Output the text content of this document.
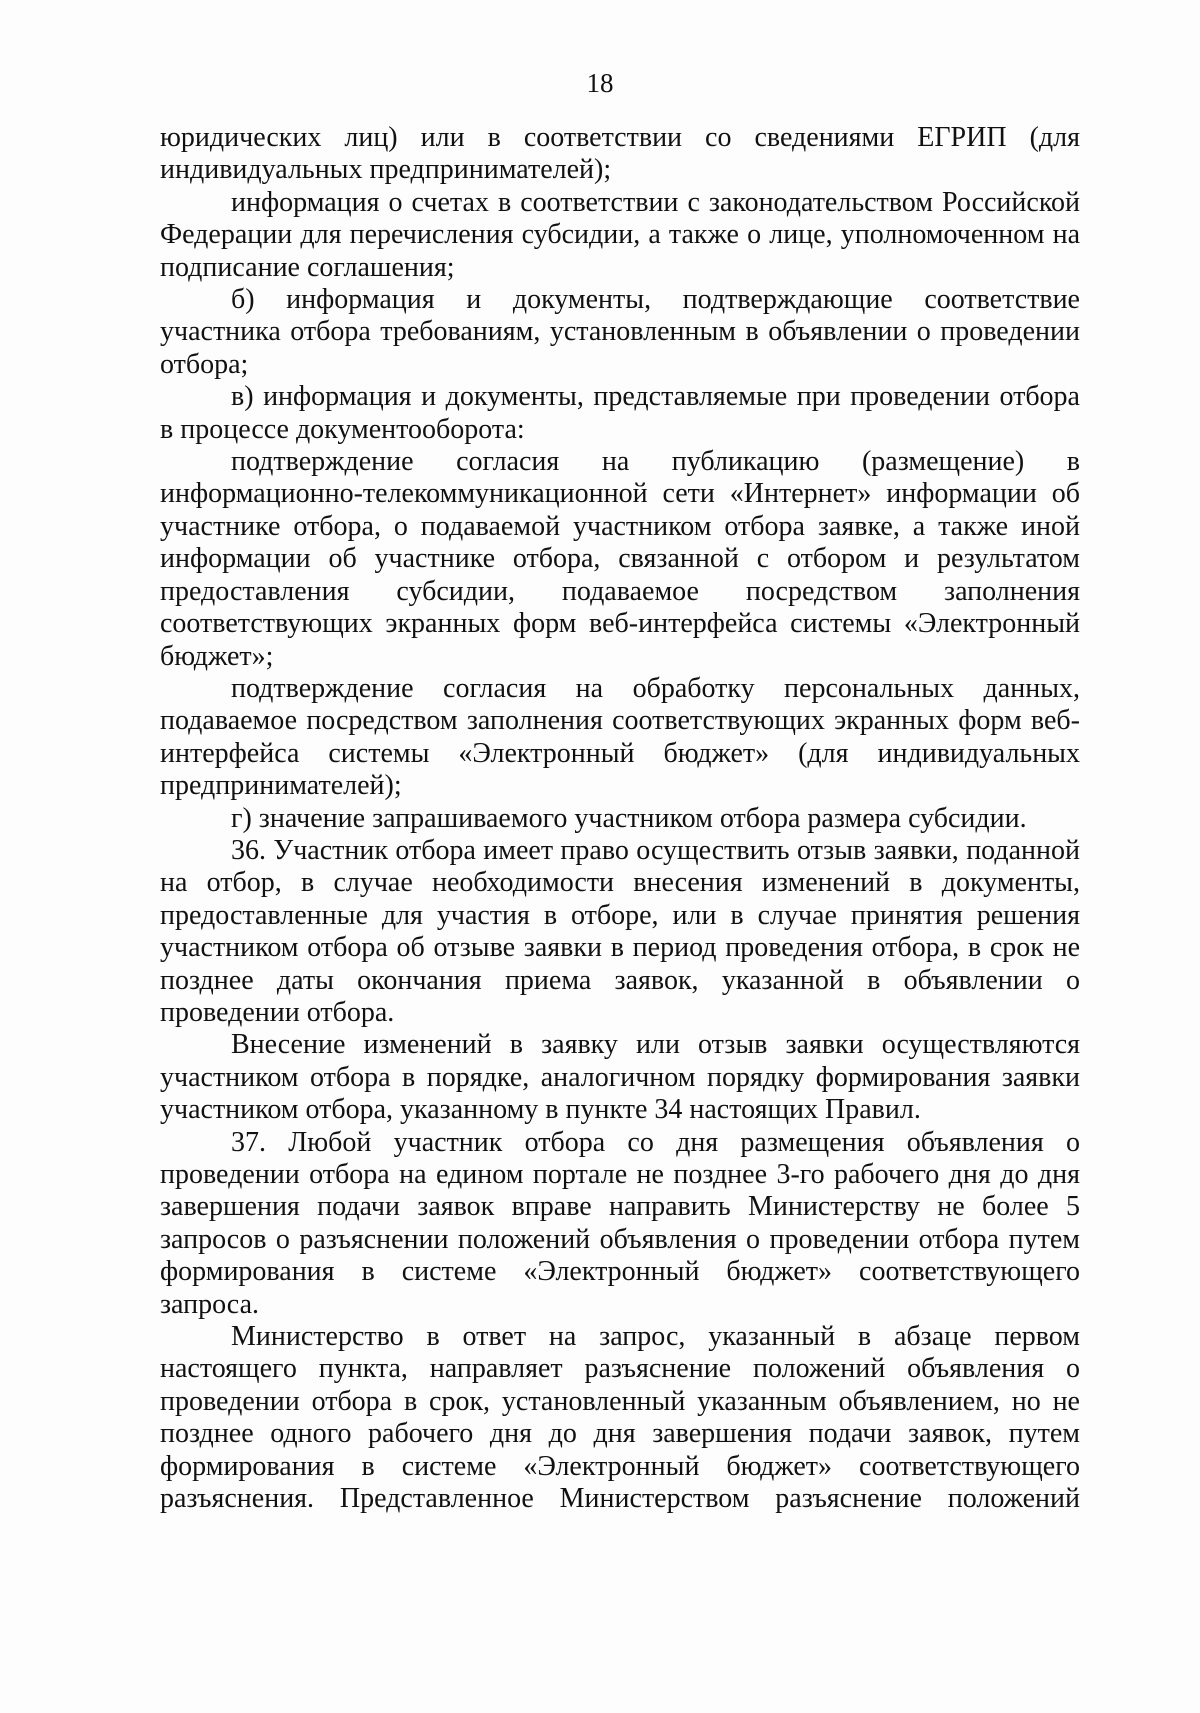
18

юридических лиц) или в соответствии со сведениями ЕГРИП (для индивидуальных предпринимателей);

информация о счетах в соответствии с законодательством Российской Федерации для перечисления субсидии, а также о лице, уполномоченном на подписание соглашения;

б) информация и документы, подтверждающие соответствие участника отбора требованиям, установленным в объявлении о проведении отбора;

в) информация и документы, представляемые при проведении отбора в процессе документооборота:

подтверждение согласия на публикацию (размещение) в информационно-телекоммуникационной сети «Интернет» информации об участнике отбора, о подаваемой участником отбора заявке, а также иной информации об участнике отбора, связанной с отбором и результатом предоставления субсидии, подаваемое посредством заполнения соответствующих экранных форм веб-интерфейса системы «Электронный бюджет»;

подтверждение согласия на обработку персональных данных, подаваемое посредством заполнения соответствующих экранных форм веб-интерфейса системы «Электронный бюджет» (для индивидуальных предпринимателей);

г) значение запрашиваемого участником отбора размера субсидии.

36. Участник отбора имеет право осуществить отзыв заявки, поданной на отбор, в случае необходимости внесения изменений в документы, предоставленные для участия в отборе, или в случае принятия решения участником отбора об отзыве заявки в период проведения отбора, в срок не позднее даты окончания приема заявок, указанной в объявлении о проведении отбора.

Внесение изменений в заявку или отзыв заявки осуществляются участником отбора в порядке, аналогичном порядку формирования заявки участником отбора, указанному в пункте 34 настоящих Правил.

37. Любой участник отбора со дня размещения объявления о проведении отбора на едином портале не позднее 3-го рабочего дня до дня завершения подачи заявок вправе направить Министерству не более 5 запросов о разъяснении положений объявления о проведении отбора путем формирования в системе «Электронный бюджет» соответствующего запроса.

Министерство в ответ на запрос, указанный в абзаце первом настоящего пункта, направляет разъяснение положений объявления о проведении отбора в срок, установленный указанным объявлением, но не позднее одного рабочего дня до дня завершения подачи заявок, путем формирования в системе «Электронный бюджет» соответствующего разъяснения. Представленное Министерством разъяснение положений
